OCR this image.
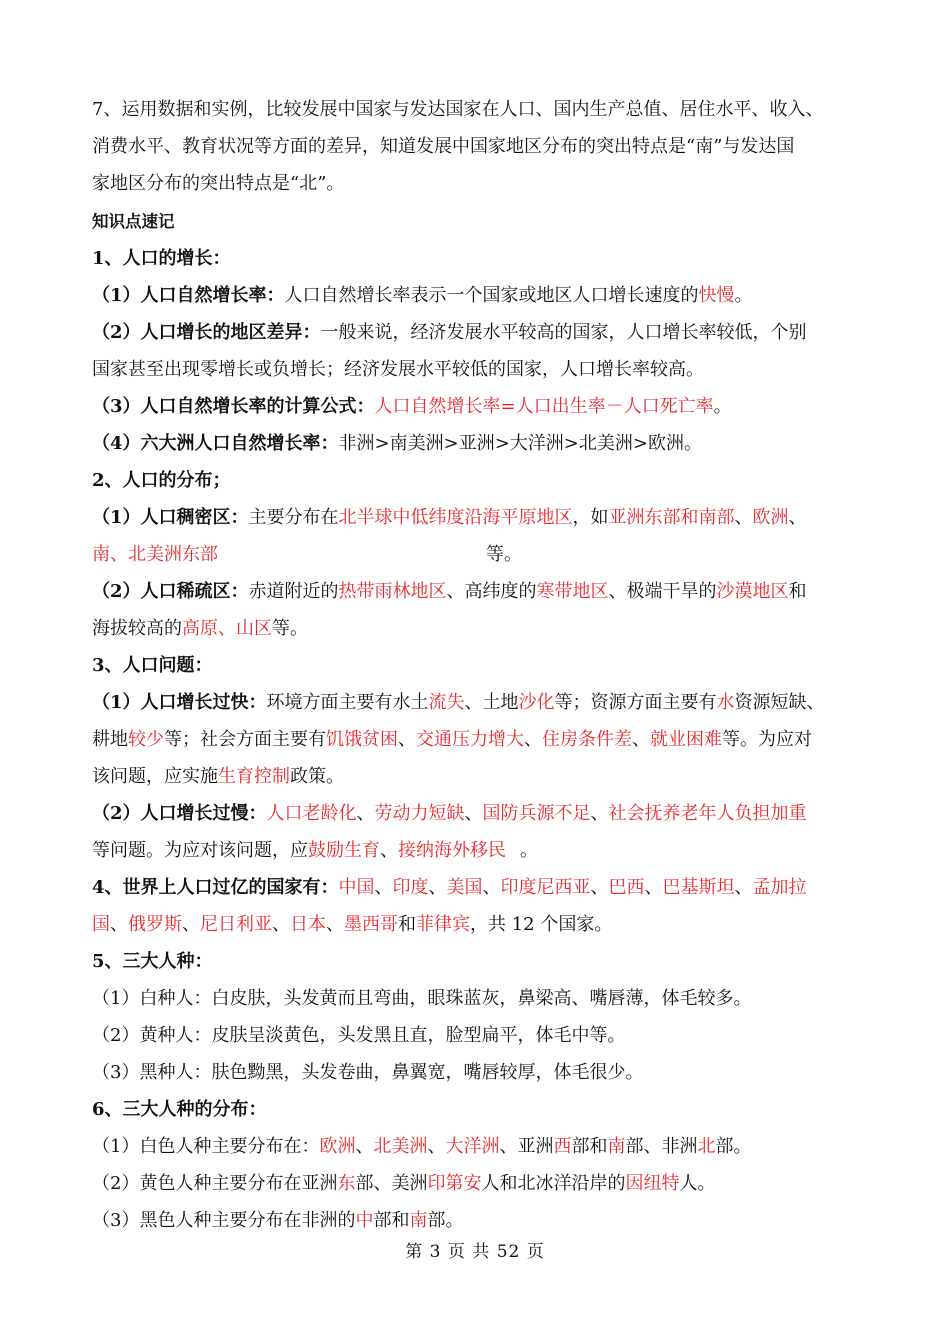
7、运用数据和实例，比较发展中国家与发达国家在人口、国内生产总值、居住水平、收入、
消费水平、教育状况等方面的差异，知道发展中国家地区分布的突出特点是“南”与发达国
家地区分布的突出特点是“北”。
知识点速记
1、人口的增长：
（1）人口自然增长率：人口自然增长率表示一个国家或地区人口增长速度的快慢。
（2）人口增长的地区差异：一般来说，经济发展水平较高的国家，人口增长率较低，个别
国家甚至出现零增长或负增长；经济发展水平较低的国家，人口增长率较高。
（3）人口自然增长率的计算公式：人口自然增长率=人口出生率－人口死亡率。
（4）六大洲人口自然增长率：非洲>南美洲>亚洲>大洋洲>北美洲>欧洲。
2、人口的分布；
（1）人口稠密区：主要分布在北半球中低纬度沿海平原地区，如亚洲东部和南部、欧洲、
南、北美洲东部	等。
（2）人口稀疏区：赤道附近的热带雨林地区、高纬度的寒带地区、极端干旱的沙漠地区和
海拔较高的高原、山区等。
3、人口问题：
（1）人口增长过快：环境方面主要有水土流失、土地沙化等；资源方面主要有水资源短缺、
耕地较少等；社会方面主要有饥饿贫困、交通压力增大、住房条件差、就业困难等。为应对
该问题，应实施生育控制政策。
（2）人口增长过慢：人口老龄化、劳动力短缺、国防兵源不足、社会抚养老年人负担加重
等问题。为应对该问题，应鼓励生育、接纳海外移民 。
4、世界上人口过亿的国家有：中国、印度、美国、印度尼西亚、巴西、巴基斯坦、孟加拉
国、俄罗斯、尼日利亚、日本、墨西哥和菲律宾，共 12 个国家。
5、三大人种：
（1）白种人：白皮肤，头发黄而且弯曲，眼珠蓝灰，鼻梁高、嘴唇薄，体毛较多。
（2）黄种人：皮肤呈淡黄色，头发黑且直，脸型扁平，体毛中等。
（3）黑种人：肤色黝黑，头发卷曲，鼻翼宽，嘴唇较厚，体毛很少。
6、三大人种的分布：
（1）白色人种主要分布在：欧洲、北美洲、大洋洲、亚洲西部和南部、非洲北部。
（2）黄色人种主要分布在亚洲东部、美洲印第安人和北冰洋沿岸的因纽特人。
（3）黑色人种主要分布在非洲的中部和南部。
第 3 页 共 52 页
